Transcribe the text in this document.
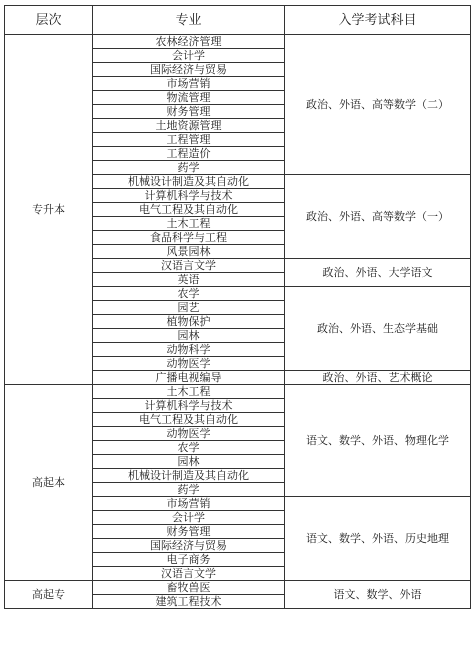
层次	专业	入学考试科目
专升本	农林经济管理	政治、外语、高等数学（二）
	会计学	
	国际经济与贸易	
	市场营销	
	物流管理	
	财务管理	
	土地资源管理	
	工程管理	
	工程造价	
	药学	
	机械设计制造及其自动化	政治、外语、高等数学（一）
	计算机科学与技术	
	电气工程及其自动化	
	土木工程	
	食品科学与工程	
	风景园林	
	汉语言文学	政治、外语、大学语文
	英语	
	农学	政治、外语、生态学基础
	园艺	
	植物保护	
	园林	
	动物科学	
	动物医学	
	广播电视编导	政治、外语、艺术概论
高起本	土木工程	语文、数学、外语、物理化学
	计算机科学与技术	
	电气工程及其自动化	
	动物医学	
	农学	
	园林	
	机械设计制造及其自动化	
	药学	
	市场营销	语文、数学、外语、历史地理
	会计学	
	财务管理	
	国际经济与贸易	
	电子商务	
	汉语言文学	
高起专	畜牧兽医	语文、数学、外语
	建筑工程技术	
